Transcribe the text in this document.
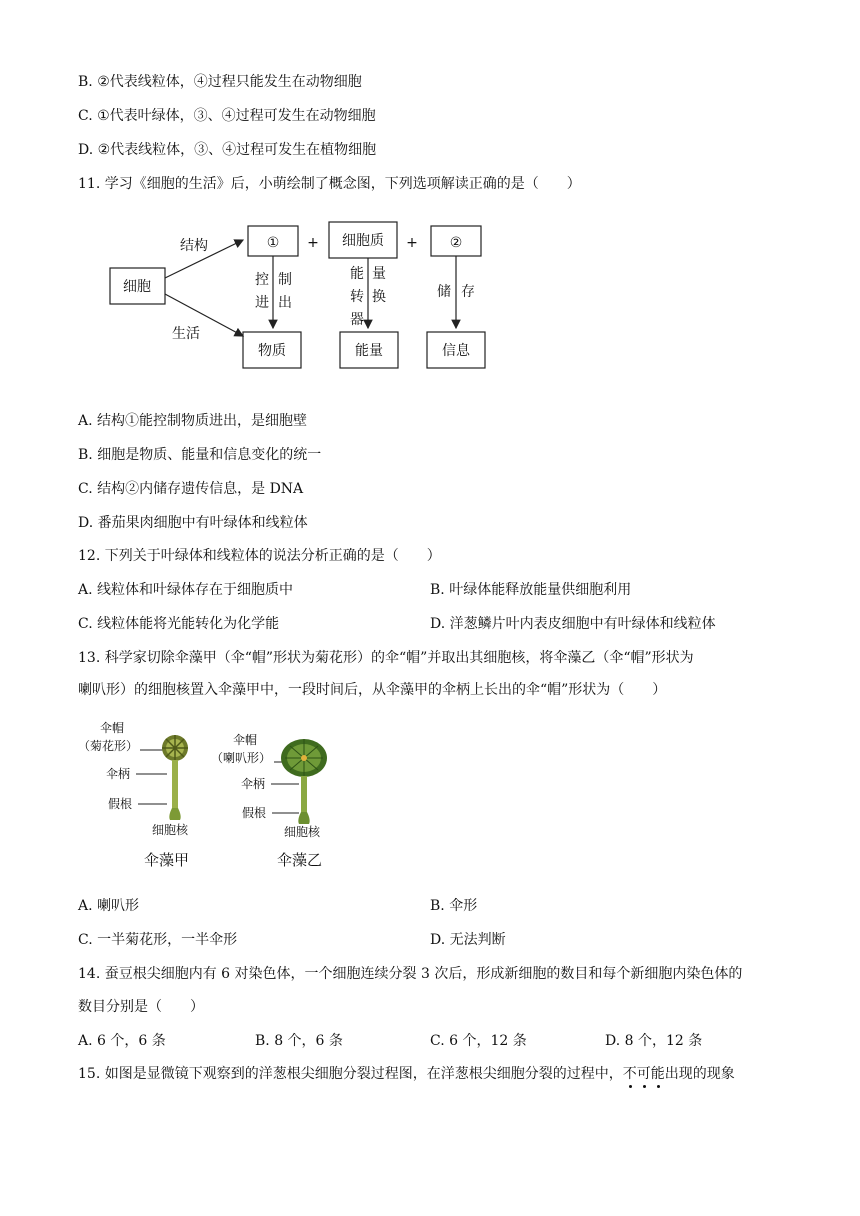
B. ②代表线粒体，④过程只能发生在动物细胞
C. ①代表叶绿体，③、④过程可发生在动物细胞
D. ②代表线粒体，③、④过程可发生在植物细胞
11. 学习《细胞的生活》后，小萌绘制了概念图，下列选项解读正确的是（　　）
细胞
结构
生活
① + 细胞质 + ②
控 制
进 出
能 量
转 换
器
储 存
物质	能量	信息
A. 结构①能控制物质进出，是细胞壁
B. 细胞是物质、能量和信息变化的统一
C. 结构②内储存遗传信息，是 DNA
D. 番茄果肉细胞中有叶绿体和线粒体
12. 下列关于叶绿体和线粒体的说法分析正确的是（　　）
A. 线粒体和叶绿体存在于细胞质中	B. 叶绿体能释放能量供细胞利用
C. 线粒体能将光能转化为化学能	D. 洋葱鳞片叶内表皮细胞中有叶绿体和线粒体
13. 科学家切除伞藻甲（伞“帽”形状为菊花形）的伞“帽”并取出其细胞核，将伞藻乙（伞“帽”形状为
喇叭形）的细胞核置入伞藻甲中，一段时间后，从伞藻甲的伞柄上长出的伞“帽”形状为（　　）
伞帽
（菊花形）
伞柄
假根
细胞核
伞藻甲
伞帽
（喇叭形）
伞柄
假根
细胞核
伞藻乙
A. 喇叭形	B. 伞形
C. 一半菊花形，一半伞形	D. 无法判断
14. 蚕豆根尖细胞内有 6 对染色体，一个细胞连续分裂 3 次后，形成新细胞的数目和每个新细胞内染色体的
数目分别是（　　）
A. 6 个，6 条	B. 8 个，6 条	C. 6 个，12 条	D. 8 个，12 条
15. 如图是显微镜下观察到的洋葱根尖细胞分裂过程图，在洋葱根尖细胞分裂的过程中，不可能
出现的现象
